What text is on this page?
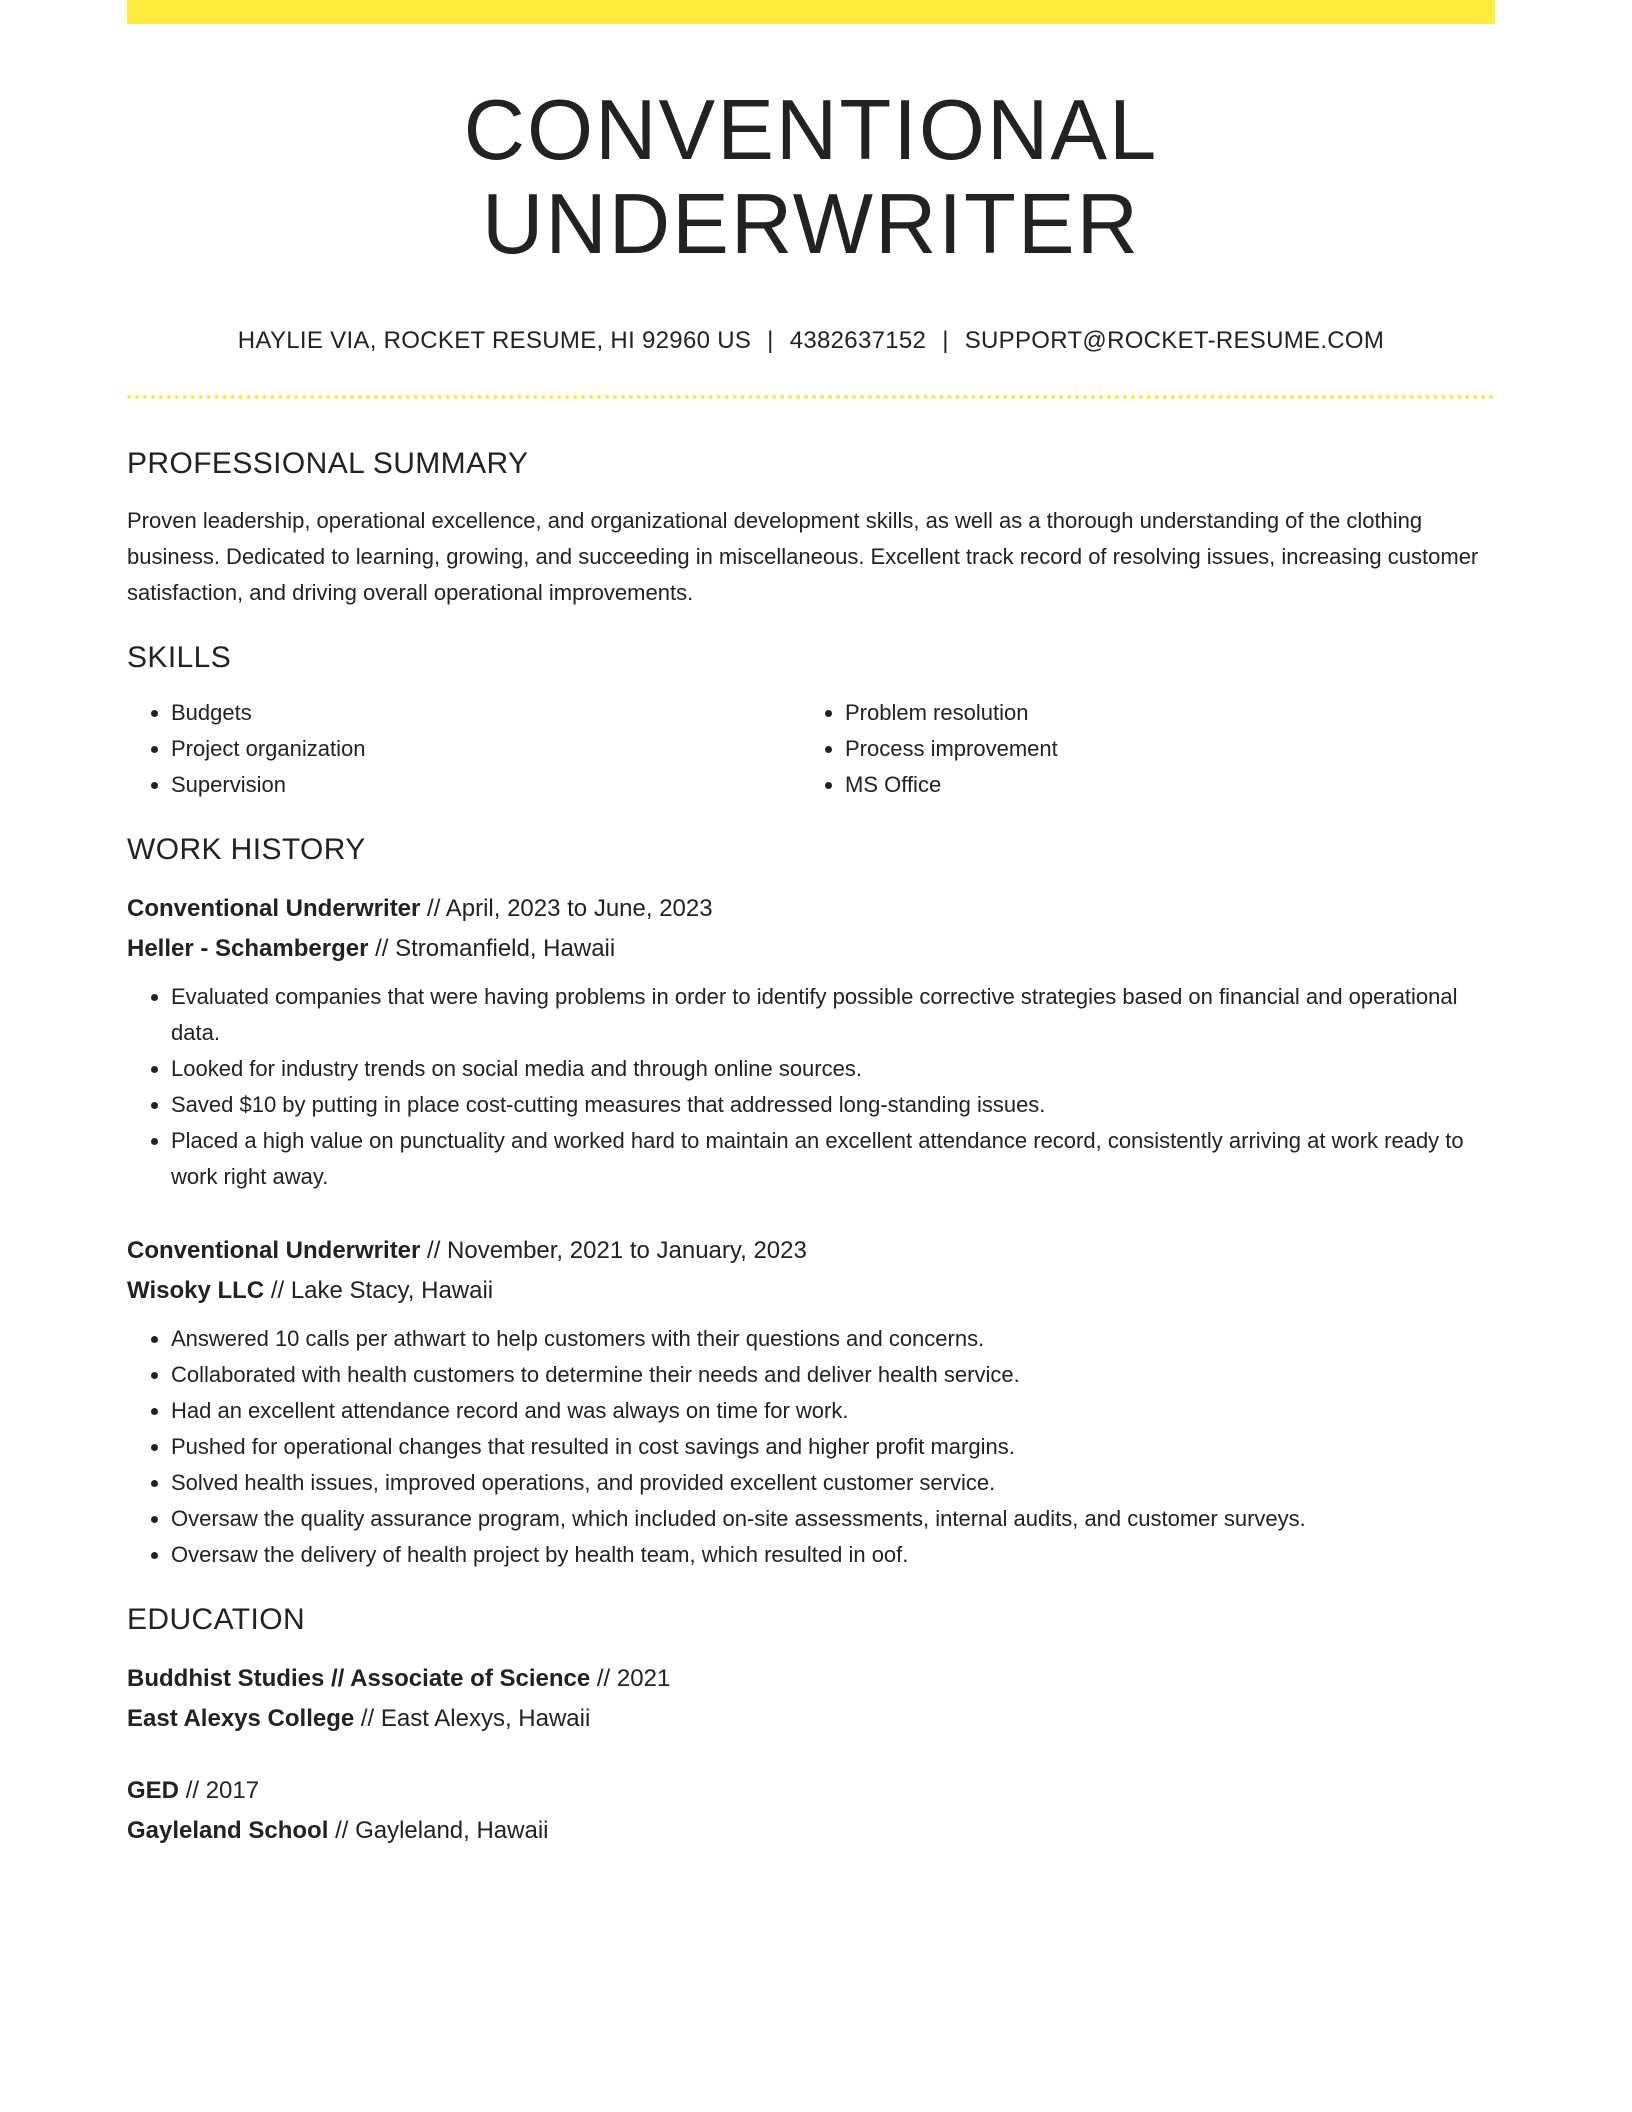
CONVENTIONAL UNDERWRITER
HAYLIE VIA, ROCKET RESUME, HI 92960 US | 4382637152 | SUPPORT@ROCKET-RESUME.COM
PROFESSIONAL SUMMARY
Proven leadership, operational excellence, and organizational development skills, as well as a thorough understanding of the clothing business. Dedicated to learning, growing, and succeeding in miscellaneous. Excellent track record of resolving issues, increasing customer satisfaction, and driving overall operational improvements.
SKILLS
• Budgets
• Project organization
• Supervision
• Problem resolution
• Process improvement
• MS Office
WORK HISTORY
Conventional Underwriter // April, 2023 to June, 2023
Heller - Schamberger // Stromanfield, Hawaii
• Evaluated companies that were having problems in order to identify possible corrective strategies based on financial and operational data.
• Looked for industry trends on social media and through online sources.
• Saved $10 by putting in place cost-cutting measures that addressed long-standing issues.
• Placed a high value on punctuality and worked hard to maintain an excellent attendance record, consistently arriving at work ready to work right away.
Conventional Underwriter // November, 2021 to January, 2023
Wisoky LLC // Lake Stacy, Hawaii
• Answered 10 calls per athwart to help customers with their questions and concerns.
• Collaborated with health customers to determine their needs and deliver health service.
• Had an excellent attendance record and was always on time for work.
• Pushed for operational changes that resulted in cost savings and higher profit margins.
• Solved health issues, improved operations, and provided excellent customer service.
• Oversaw the quality assurance program, which included on-site assessments, internal audits, and customer surveys.
• Oversaw the delivery of health project by health team, which resulted in oof.
EDUCATION
Buddhist Studies // Associate of Science // 2021
East Alexys College // East Alexys, Hawaii
GED // 2017
Gayleland School // Gayleland, Hawaii
